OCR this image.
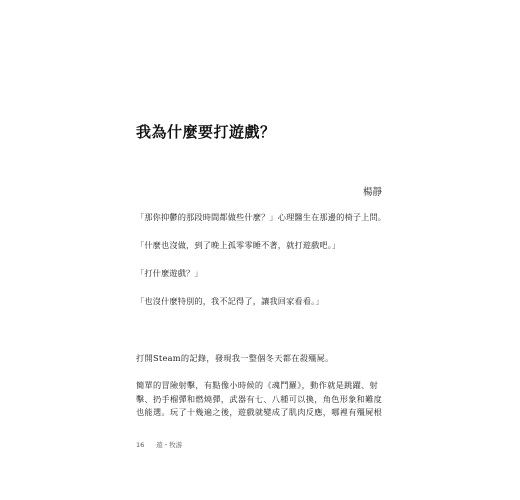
我為什麼要打遊戲？
楊靜
「那你抑鬱的那段時間都做些什麼？」心理醫生在那邊的椅子上問。
「什麼也沒做，到了晚上孤零零睡不著，就打遊戲吧。」
「打什麼遊戲？」
「也沒什麼特別的，我不記得了，讓我回家看看。」
打開Steam的記錄，發現我一整個冬天都在殺殭屍。
簡單的冒險射擊，有點像小時候的《魂鬥羅》，動作就是跳躍、射
擊、扔手榴彈和燃燒彈，武器有七、八種可以換，角色形象和難度
也能選。玩了十幾遍之後，遊戲就變成了肌肉反應，哪裡有殭屍根
16 遊・牧游
